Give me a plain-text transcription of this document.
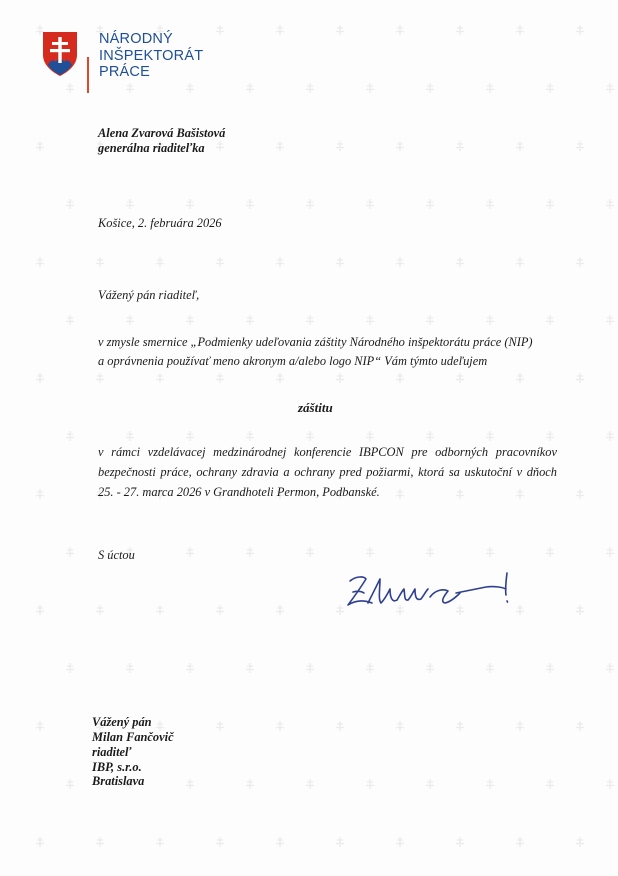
NÁRODNÝ
INŠPEKTORÁT
PRÁCE
Alena Zvarová Bašistová
generálna riaditeľka
Košice, 2. februára 2026
Vážený pán riaditeľ,
v zmysle smernice „Podmienky udeľovania záštity Národného inšpektorátu práce (NIP)
a oprávnenia používať meno akronym a/alebo logo NIP“ Vám týmto udeľujem
záštitu
v rámci vzdelávacej medzinárodnej konferencie IBPCON pre odborných pracovníkov
bezpečnosti práce, ochrany zdravia a ochrany pred požiarmi, ktorá sa uskutoční v dňoch
25. - 27. marca 2026 v Grandhoteli Permon, Podbanské.
S úctou
Vážený pán
Milan Fančovič
riaditeľ
IBP, s.r.o.
Bratislava
